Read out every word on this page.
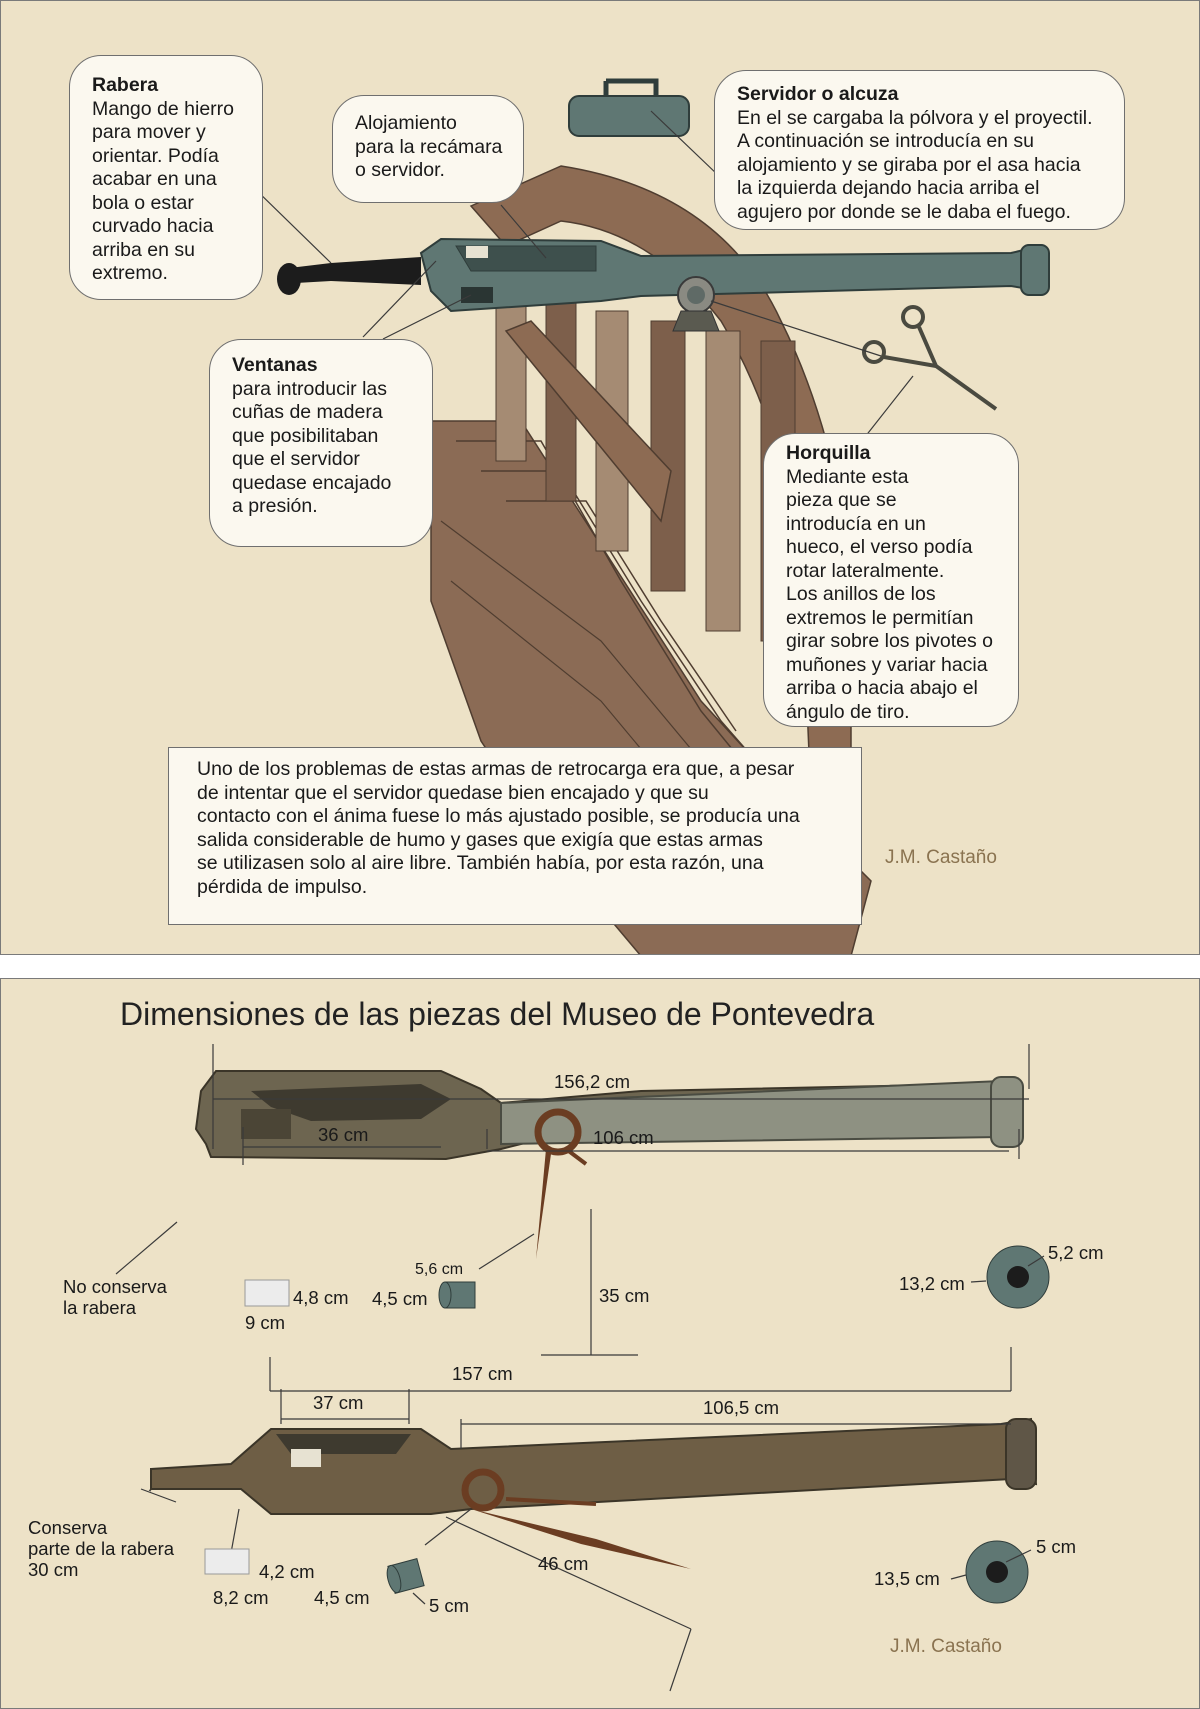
Rabera
Mango de hierro
para mover y
orientar. Podía
acabar en una
bola o estar
curvado hacia
arriba en su
extremo.
Alojamiento
para la recámara
o servidor.
Servidor o alcuza
En el se cargaba la pólvora y el proyectil.
A continuación se introducía en su
alojamiento y se giraba por el asa hacia
la izquierda dejando hacia arriba el
agujero por donde se le daba el fuego.
Ventanas
para introducir las
cuñas de madera
que posibilitaban
que el servidor
quedase encajado
a presión.
Horquilla
Mediante esta
pieza que se
introducía en un
hueco, el verso podía
rotar lateralmente.
Los anillos de los
extremos le permitían
girar sobre los pivotes o
muñones y variar hacia
arriba o hacia abajo el
ángulo de tiro.
Uno de los problemas de estas armas de retrocarga era que, a pesar
de intentar que el servidor quedase bien encajado y que su
contacto con el ánima fuese lo más ajustado posible, se producía una
salida considerable de humo y gases que exigía que estas armas
se utilizasen solo al aire libre. También había, por esta razón, una
pérdida de impulso.
J.M. Castaño
Dimensiones de las piezas del Museo de Pontevedra
156,2 cm
36 cm	106 cm
No conserva
la rabera	4,8 cm
9 cm
5,6 cm
4,5 cm	35 cm
13,2 cm
5,2 cm
157 cm
37 cm	106,5 cm
Conserva
parte de la rabera
30 cm	4,2 cm
8,2 cm 4,5 cm	5 cm
46 cm
13,5 cm
5 cm
J.M. Castaño
